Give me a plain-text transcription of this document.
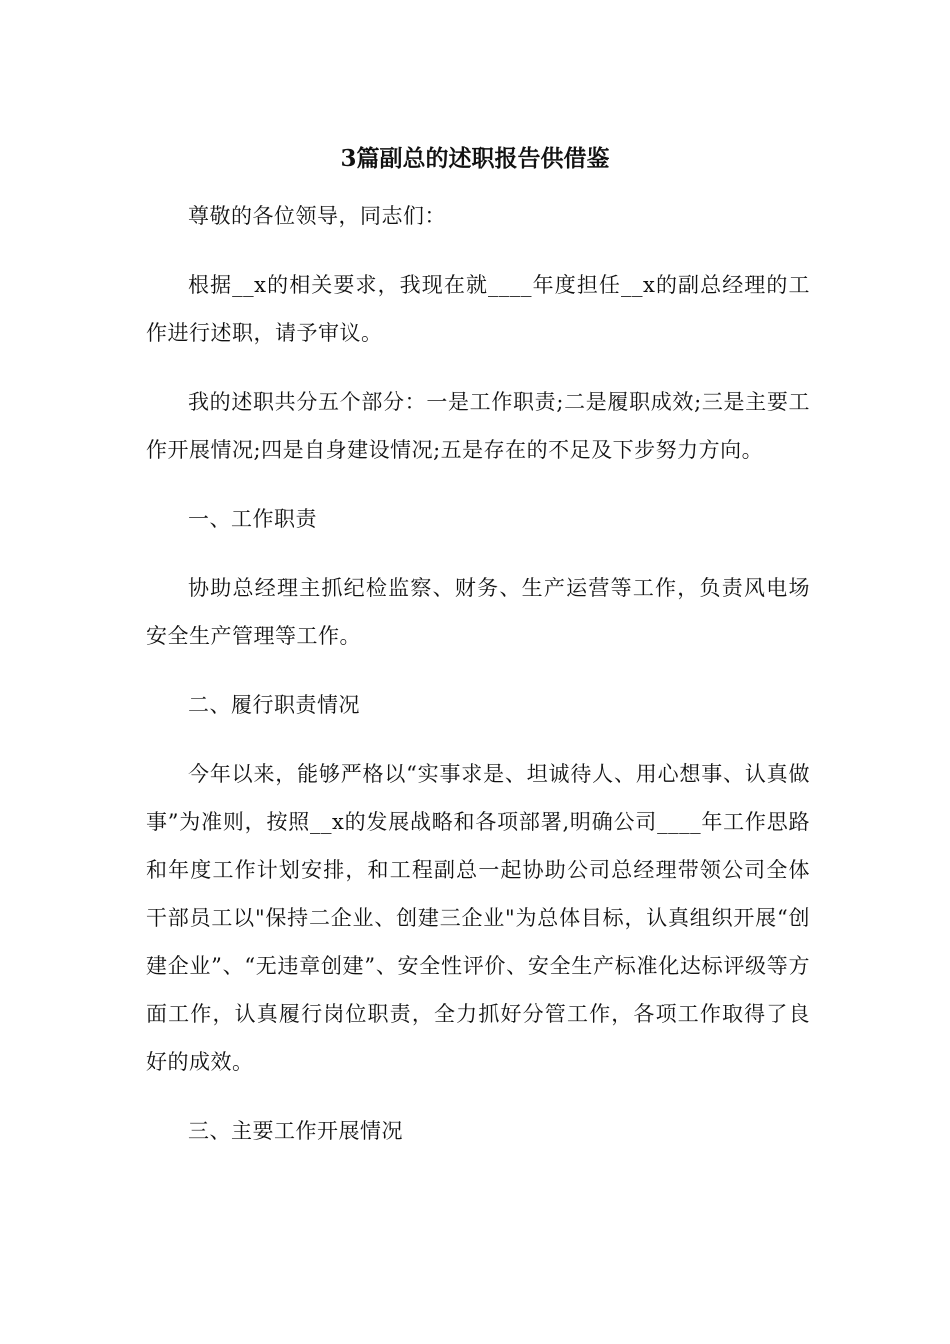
3篇副总的述职报告供借鉴

尊敬的各位领导，同志们：

根据__x的相关要求，我现在就____年度担任__x的副总经理的工作进行述职，请予审议。

我的述职共分五个部分：一是工作职责;二是履职成效;三是主要工作开展情况;四是自身建设情况;五是存在的不足及下步努力方向。

一、工作职责

协助总经理主抓纪检监察、财务、生产运营等工作，负责风电场安全生产管理等工作。

二、履行职责情况

今年以来，能够严格以“实事求是、坦诚待人、用心想事、认真做事”为准则，按照__x的发展战略和各项部署,明确公司____年工作思路和年度工作计划安排，和工程副总一起协助公司总经理带领公司全体干部员工以"保持二企业、创建三企业"为总体目标，认真组织开展“创建企业”、“无违章创建”、安全性评价、安全生产标准化达标评级等方面工作，认真履行岗位职责，全力抓好分管工作，各项工作取得了良好的成效。

三、主要工作开展情况
